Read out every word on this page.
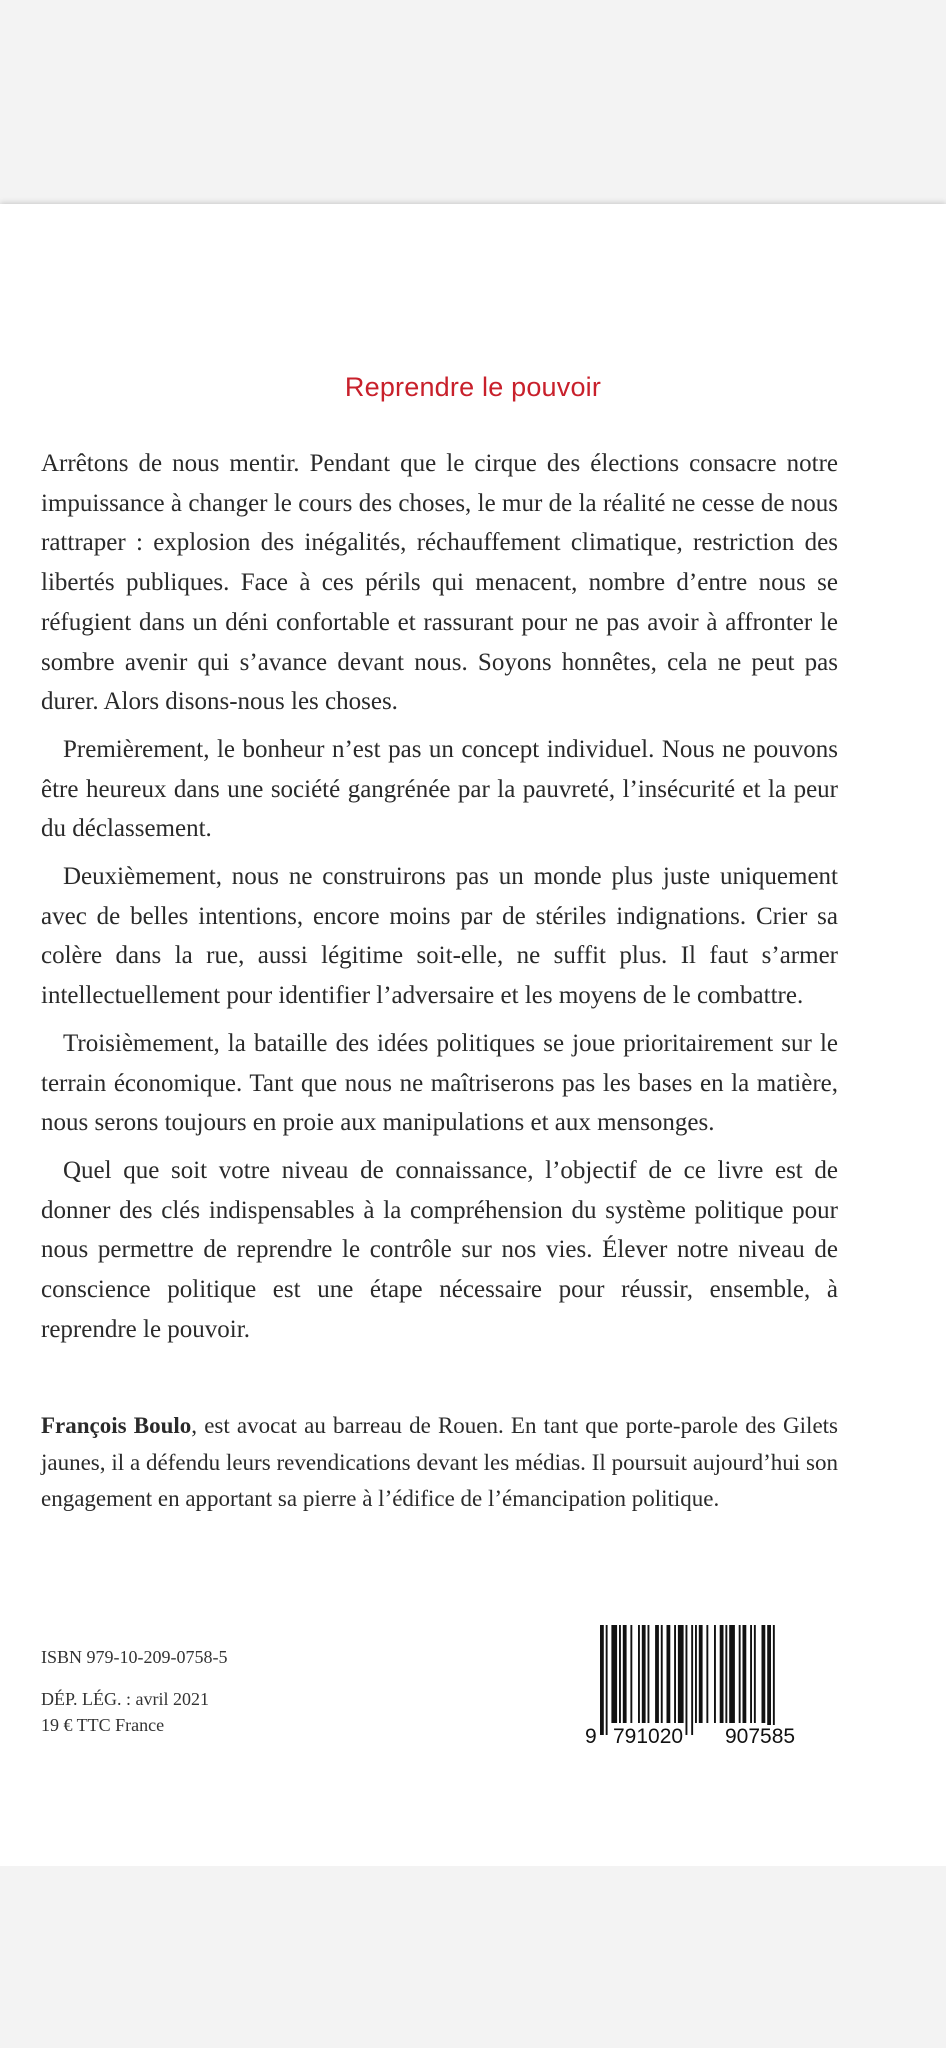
Reprendre le pouvoir

Arrêtons de nous mentir. Pendant que le cirque des élections consacre notre impuissance à changer le cours des choses, le mur de la réalité ne cesse de nous rattraper : explosion des inégalités, réchauffement climatique, restriction des libertés publiques. Face à ces périls qui menacent, nombre d’entre nous se réfugient dans un déni confortable et rassurant pour ne pas avoir à affronter le sombre avenir qui s’avance devant nous. Soyons honnêtes, cela ne peut pas durer. Alors disons-nous les choses.

Premièrement, le bonheur n’est pas un concept individuel. Nous ne pouvons être heureux dans une société gangrénée par la pauvreté, l’insécurité et la peur du déclassement.

Deuxièmement, nous ne construirons pas un monde plus juste uniquement avec de belles intentions, encore moins par de stériles indignations. Crier sa colère dans la rue, aussi légitime soit-elle, ne suffit plus. Il faut s’armer intellectuellement pour identifier l’adversaire et les moyens de le combattre.

Troisièmement, la bataille des idées politiques se joue prioritairement sur le terrain économique. Tant que nous ne maîtriserons pas les bases en la matière, nous serons toujours en proie aux manipulations et aux mensonges.

Quel que soit votre niveau de connaissance, l’objectif de ce livre est de donner des clés indispensables à la compréhension du système politique pour nous permettre de reprendre le contrôle sur nos vies. Élever notre niveau de conscience politique est une étape nécessaire pour réussir, ensemble, à reprendre le pouvoir.

François Boulo, est avocat au barreau de Rouen. En tant que porte-parole des Gilets jaunes, il a défendu leurs revendications devant les médias. Il poursuit aujourd’hui son engagement en apportant sa pierre à l’édifice de l’émancipation politique.

ISBN 979-10-209-0758-5
DÉP. LÉG. : avril 2021
19 € TTC France	9 791020 907585
